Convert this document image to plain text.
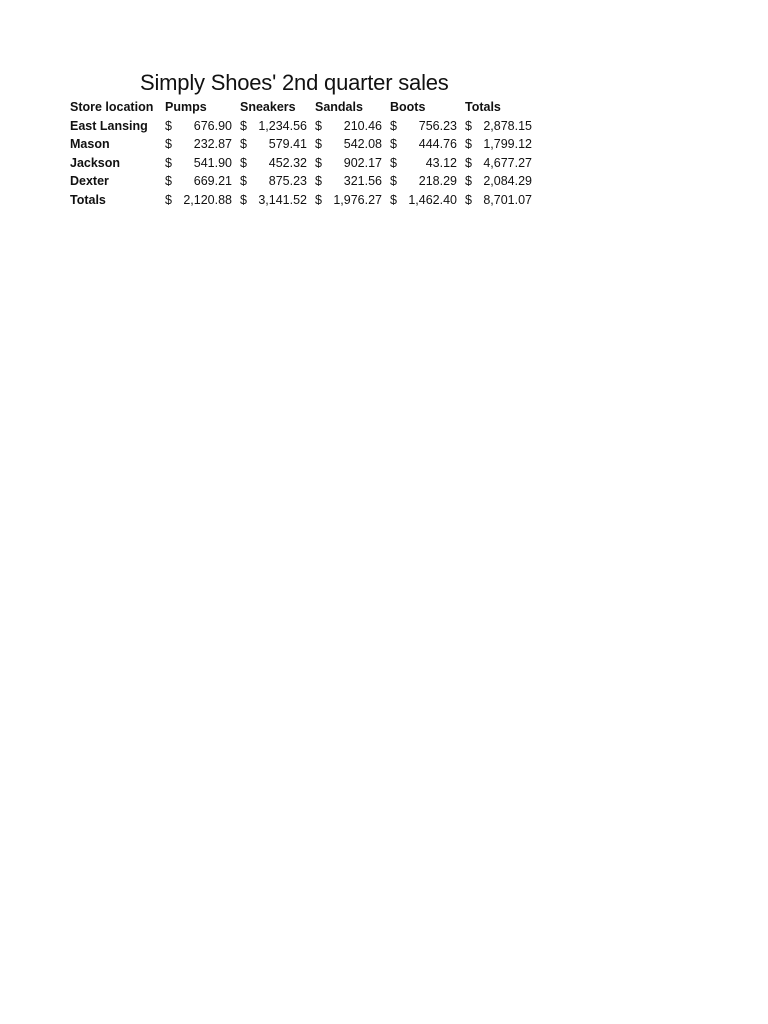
Simply Shoes' 2nd quarter sales
Store location Pumps	Sneakers Sandals Boots	Totals
East Lansing	$ 676.90 $ 1,234.56 $ 210.46 $ 756.23 $ 2,878.15
Mason	$ 232.87 $ 579.41 $ 542.08 $ 444.76 $ 1,799.12
Jackson	$ 541.90 $ 452.32 $ 902.17 $ 43.12 $ 4,677.27
Dexter	$ 669.21 $ 875.23 $ 321.56 $ 218.29 $ 2,084.29
Totals	$ 2,120.88 $ 3,141.52 $ 1,976.27 $ 1,462.40 $ 8,701.07
